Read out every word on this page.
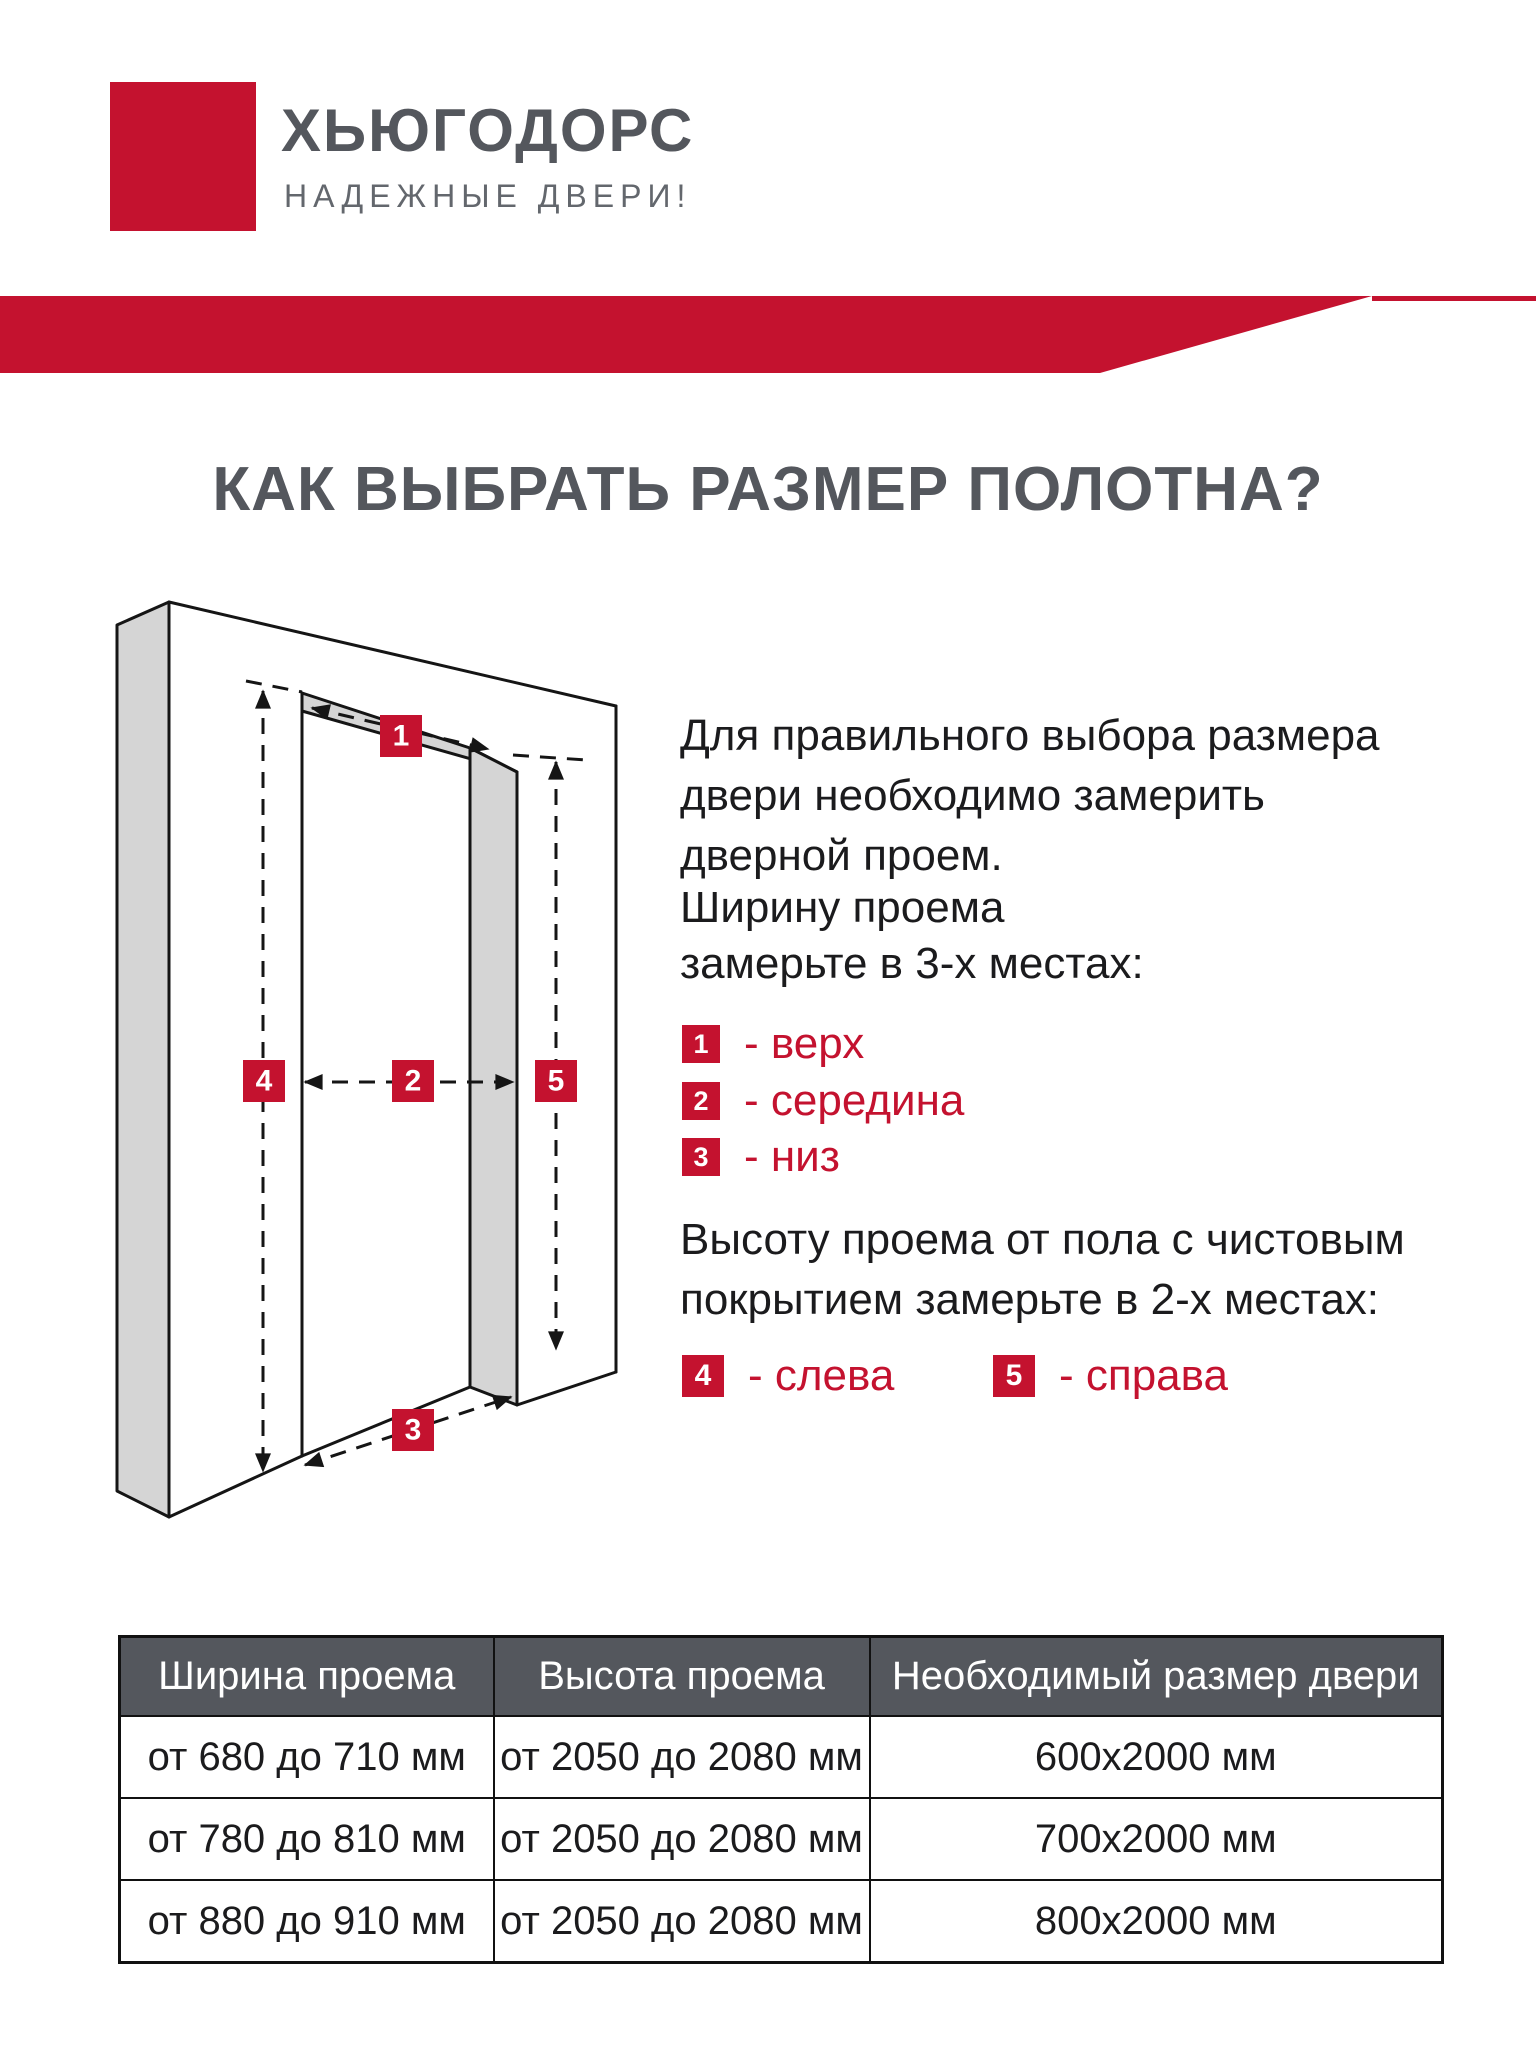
ХЬЮГОДОРС
НАДЕЖНЫЕ ДВЕРИ!
КАК ВЫБРАТЬ РАЗМЕР ПОЛОТНА?
1
2
3
4	5
Для правильного выбора размера
двери необходимо замерить
дверной проем.
Ширину проема
замерьте в 3-х местах:
1 - верх
2 - середина
3 - низ
Высоту проема от пола с чистовым
покрытием замерьте в 2-х местах:
4 - слева	5 - справа
Ширина проема	Высота проема	Необходимый размер двери
от 680 до 710 мм	от 2050 до 2080 мм	600х2000 мм
от 780 до 810 мм	от 2050 до 2080 мм	700х2000 мм
от 880 до 910 мм	от 2050 до 2080 мм	800х2000 мм
